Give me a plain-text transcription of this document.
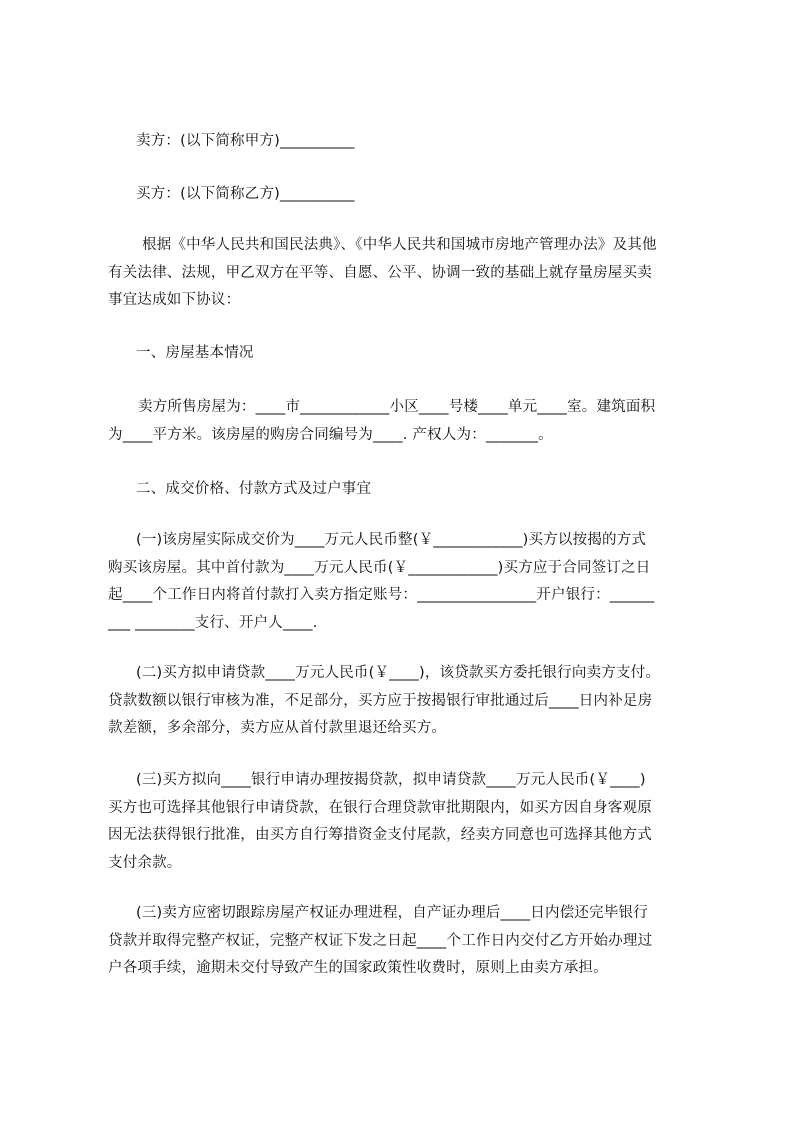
卖方：(以下简称甲方)__________
买方：(以下简称乙方)__________

根据《中华人民共和国民法典》、《中华人民共和国城市房地产管理办法》及其他

有关法律、法规，甲乙双方在平等、自愿、公平、协调一致的基础上就存量房屋买卖

事宜达成如下协议：

一、房屋基本情况

卖方所售房屋为：____市____________小区____号楼____单元____室。建筑面积

为____平方米。该房屋的购房合同编号为____. 产权人为：_______。

二、成交价格、付款方式及过户事宜

(一)该房屋实际成交价为____万元人民币整(￥____________)买方以按揭的方式

购买该房屋。其中首付款为____万元人民币(￥____________)买方应于合同签订之日

起____个工作日内将首付款打入卖方指定账号：________________开户银行：______

___ ________支行、开户人____.

(二)买方拟申请贷款____万元人民币(￥____)，该贷款买方委托银行向卖方支付。

贷款数额以银行审核为准，不足部分，买方应于按揭银行审批通过后____日内补足房

款差额，多余部分，卖方应从首付款里退还给买方。

(三)买方拟向____银行申请办理按揭贷款，拟申请贷款____万元人民币(￥____)

买方也可选择其他银行申请贷款，在银行合理贷款审批期限内，如买方因自身客观原

因无法获得银行批准，由买方自行筹措资金支付尾款，经卖方同意也可选择其他方式

支付余款。

(三)卖方应密切跟踪房屋产权证办理进程，自产证办理后____日内偿还完毕银行

贷款并取得完整产权证，完整产权证下发之日起____个工作日内交付乙方开始办理过

户各项手续，逾期未交付导致产生的国家政策性收费时，原则上由卖方承担。
